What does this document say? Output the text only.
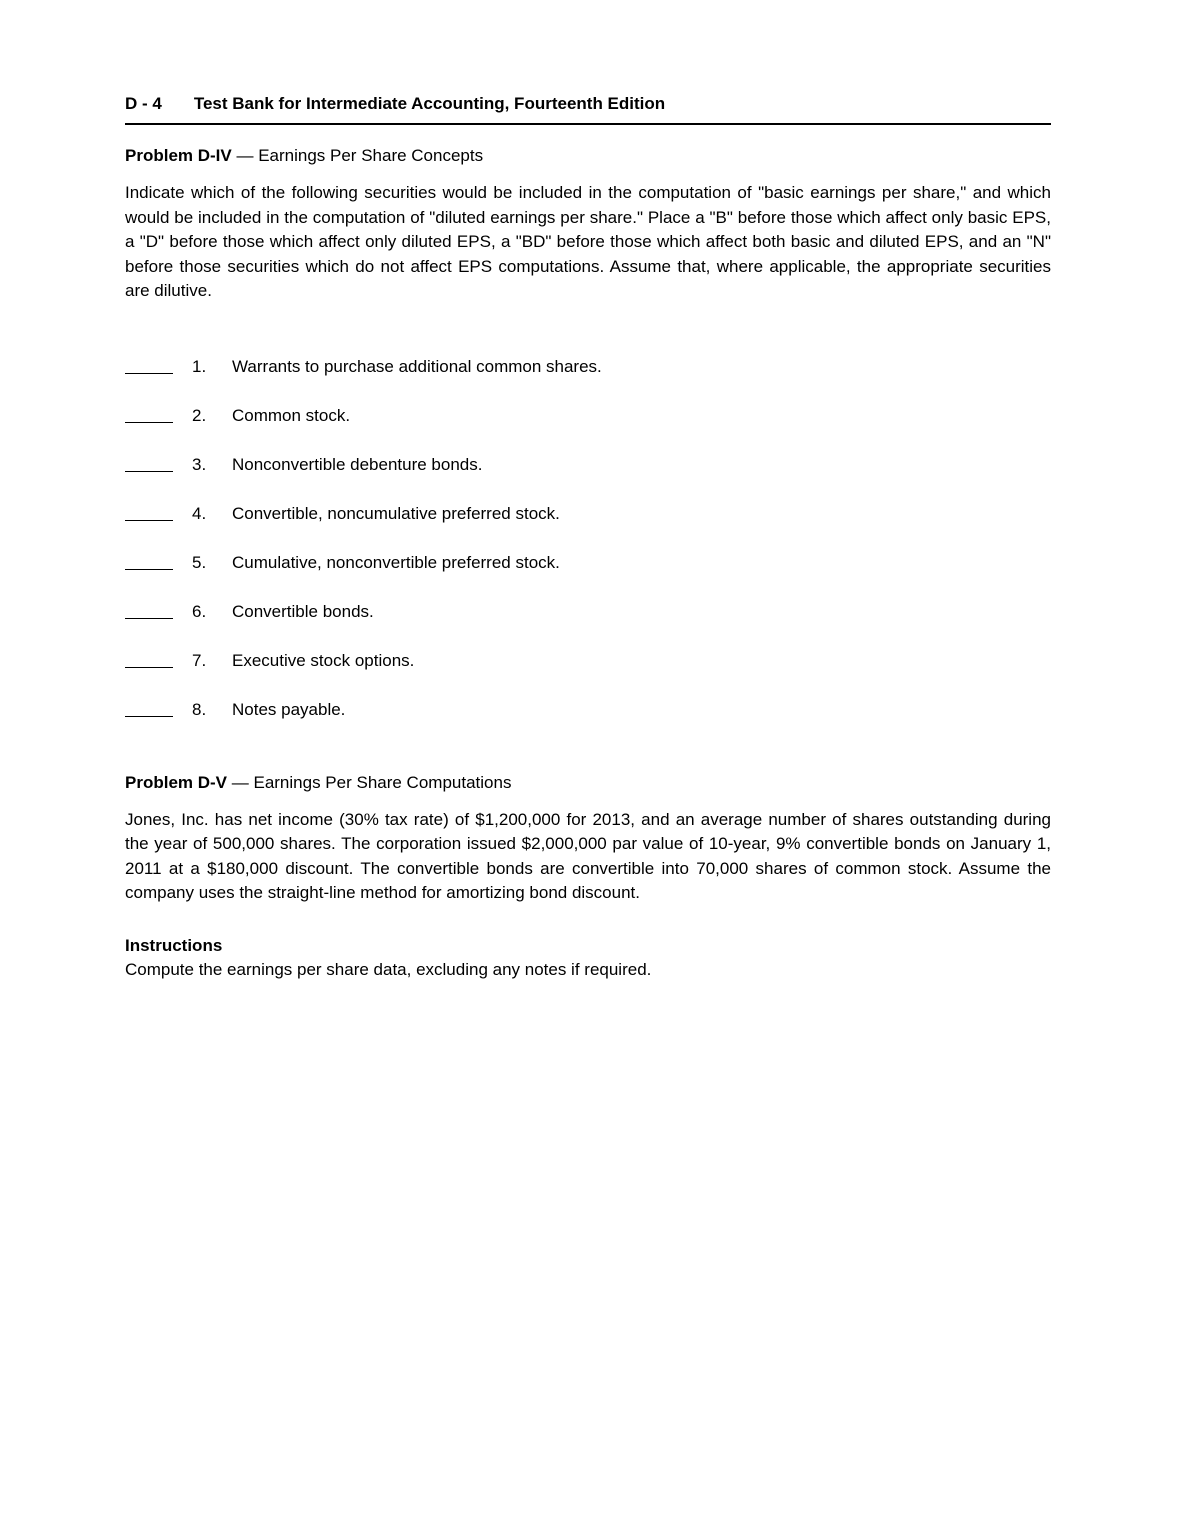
D - 4 Test Bank for Intermediate Accounting, Fourteenth Edition
Problem D-IV — Earnings Per Share Concepts

Indicate which of the following securities would be included in the computation of "basic earnings per share," and which would be included in the computation of "diluted earnings per share." Place a "B" before those which affect only basic EPS, a "D" before those which affect only diluted EPS, a "BD" before those which affect both basic and diluted EPS, and an "N" before those securities which do not affect EPS computations. Assume that, where applicable, the appropriate securities are dilutive.

1.	Warrants to purchase additional common shares.
2.	Common stock.
3.	Nonconvertible debenture bonds.
4.	Convertible, noncumulative preferred stock.
5.	Cumulative, nonconvertible preferred stock.
6.	Convertible bonds.
7.	Executive stock options.
8.	Notes payable.
Problem D-V — Earnings Per Share Computations

Jones, Inc. has net income (30% tax rate) of $1,200,000 for 2013, and an average number of shares outstanding during the year of 500,000 shares. The corporation issued $2,000,000 par value of 10-year, 9% convertible bonds on January 1, 2011 at a $180,000 discount. The convertible bonds are convertible into 70,000 shares of common stock. Assume the company uses the straight-line method for amortizing bond discount.

Instructions
Compute the earnings per share data, excluding any notes if required.
